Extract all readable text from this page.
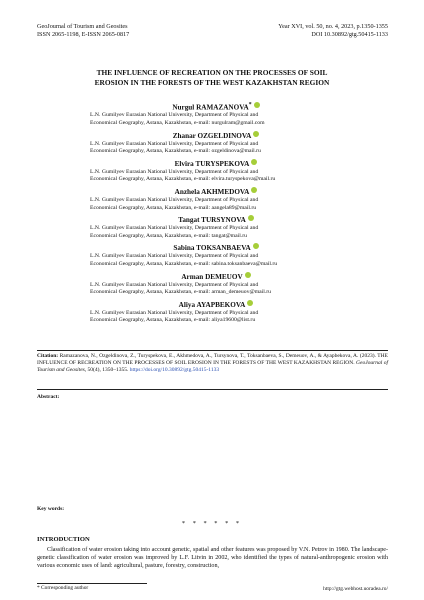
GeoJournal of Tourism and Geosites
ISSN 2065-1198, E-ISSN 2065-0817
Year XVI, vol. 50, no. 4, 2023, p.1350-1355
DOI 10.30892/gtg.50415-1133
THE INFLUENCE OF RECREATION ON THE PROCESSES OF SOIL
EROSION IN THE FORESTS OF THE WEST KAZAKHSTAN REGION
Nurgul RAMAZANOVA*
L.N. Gumilyev Eurasian National University, Department of Physical and
Economical Geography, Astana, Kazakhstan, e-mail: nurgulram@gmail.com
Zhanar OZGELDINOVA
L.N. Gumilyev Eurasian National University, Department of Physical and
Economical Geography, Astana, Kazakhstan, e-mail: ozgeldinova@mail.ru
Elvira TURYSPEKOVA
L.N. Gumilyev Eurasian National University, Department of Physical and
Economical Geography, Astana, Kazakhstan, e-mail: elvira.turyspekova@mail.ru
Anzhela AKHMEDOVA
L.N. Gumilyev Eurasian National University, Department of Physical and
Economical Geography, Astana, Kazakhstan, e-mail: aangela89@mail.ru
Tangat TURSYNOVA
L.N. Gumilyev Eurasian National University, Department of Physical and
Economical Geography, Astana, Kazakhstan, e-mail: tangat@mail.ru
Sabina TOKSANBAEVA
L.N. Gumilyev Eurasian National University, Department of Physical and
Economical Geography, Astana, Kazakhstan, e-mail: sabina.toksanbaeva@mail.ru
Arman DEMEUOV
L.N. Gumilyev Eurasian National University, Department of Physical and
Economical Geography, Astana, Kazakhstan, e-mail: arman_demeuov@mail.ru
Aliya AYAPBEKOVA
L.N. Gumilyev Eurasian National University, Department of Physical and
Economical Geography, Astana, Kazakhstan, e-mail: aliya19600@list.ru
Citation: Ramazanova, N., Ozgeldinova, Z., Turyspekova, E., Akhmedova, A., Tursynova, T., Toksanbaeva, S., Demeuov, A., & Ayapbekova, A. (2023). THE INFLUENCE OF RECREATION ON THE PROCESSES OF SOIL EROSION IN THE FORESTS OF THE WEST KAZAKHSTAN REGION. GeoJournal of Tourism and Geosites, 50(4), 1350–1355. https://doi.org/10.30892/gtg.50415-1133
Abstract:
Key words:
* * * * * *
INTRODUCTION
Classification of water erosion taking into account genetic, spatial and other features was proposed by V.N. Petrov in 1980. The landscape-genetic classification of water erosion was improved by L.F. Litvin in 2002, who identified the types of natural-anthropogenic erosion with various economic uses of land: agricultural, pasture, forestry, construction,
* Corresponding author	http://gtg.webhost.uoradea.ro/
